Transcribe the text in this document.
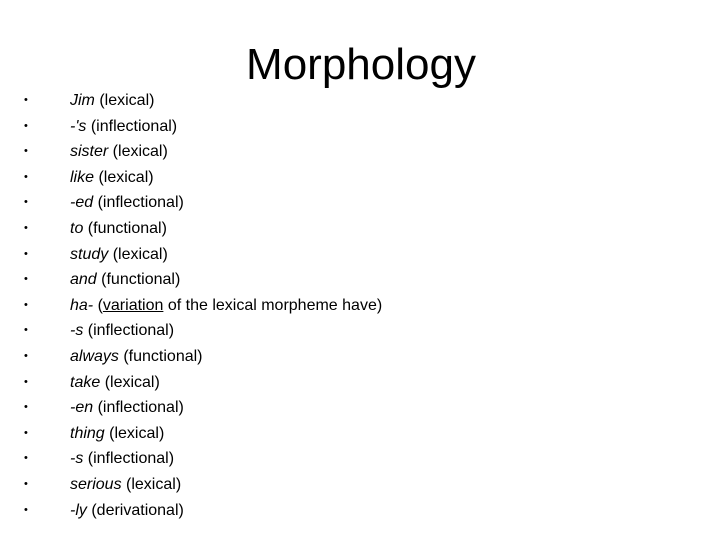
Morphology
•	Jim (lexical)
•	-'s (inflectional)
•	sister (lexical)
•	like (lexical)
•	-ed (inflectional)
•	to (functional)
•	study (lexical)
•	and (functional)
•	ha- (variation of the lexical morpheme have)
•	-s (inflectional)
•	always (functional)
•	take (lexical)
•	-en (inflectional)
•	thing (lexical)
•	-s (inflectional)
•	serious (lexical)
•	-ly (derivational)
